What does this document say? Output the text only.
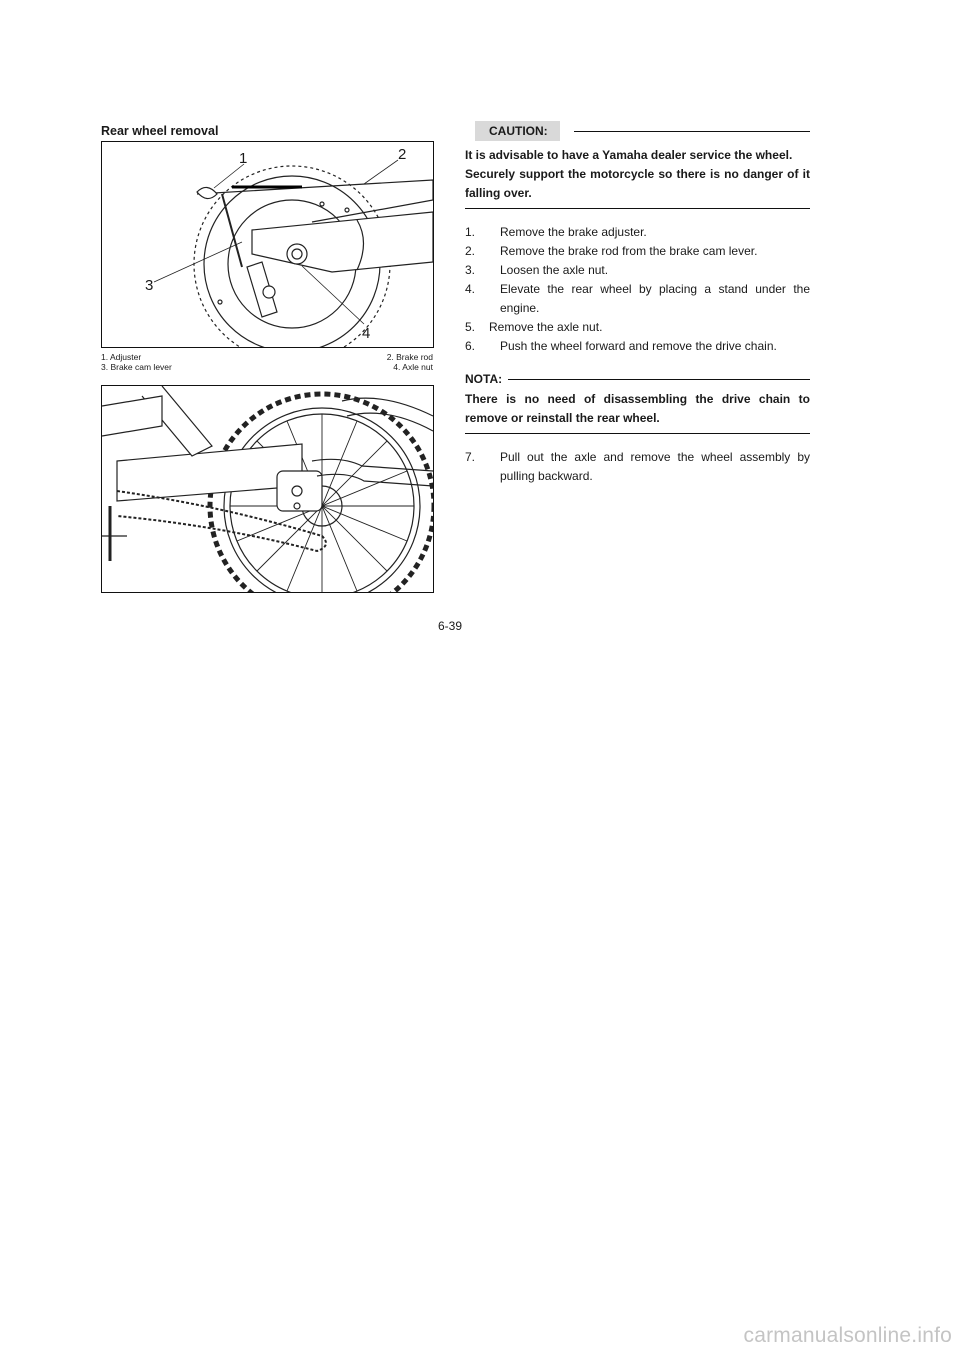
Rear wheel removal
1	2
3
4
1. Adjuster	2. Brake rod
3. Brake cam lever	4. Axle nut
CAUTION:
It is advisable to have a Yamaha dealer service the wheel.
Securely support the motorcycle so there is no danger of it falling over.
1.	Remove the brake adjuster.
2.	Remove the brake rod from the brake cam lever.
3.	Loosen the axle nut.
4.	Elevate the rear wheel by placing a stand under the engine.
5.	Remove the axle nut.
6.	Push the wheel forward and remove the drive chain.
NOTA:
There is no need of disassembling the drive chain to remove or reinstall the rear wheel.
7.	Pull out the axle and remove the wheel assembly by pulling backward.
6-39
carmanualsonline.info
